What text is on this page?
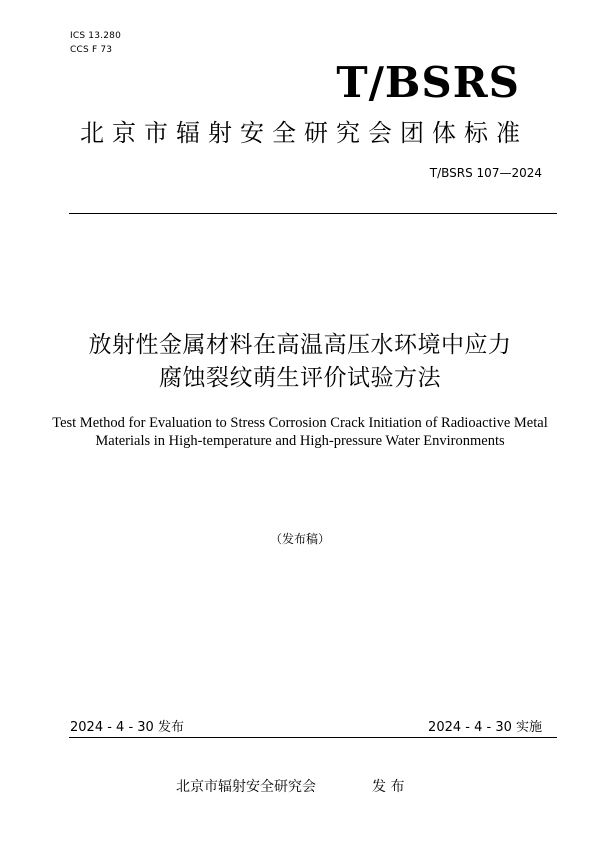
ICS 13.280
CCS F 73
T/BSRS
北京市辐射安全研究会团体标准
T/BSRS 107—2024
放射性金属材料在高温高压水环境中应力
腐蚀裂纹萌生评价试验方法
Test Method for Evaluation to Stress Corrosion Crack Initiation of Radioactive Metal
Materials in High-temperature and High-pressure Water Environments
（发布稿）
2024 - 4 - 30 发布	2024 - 4 - 30 实施
北京市辐射安全研究会	发 布
